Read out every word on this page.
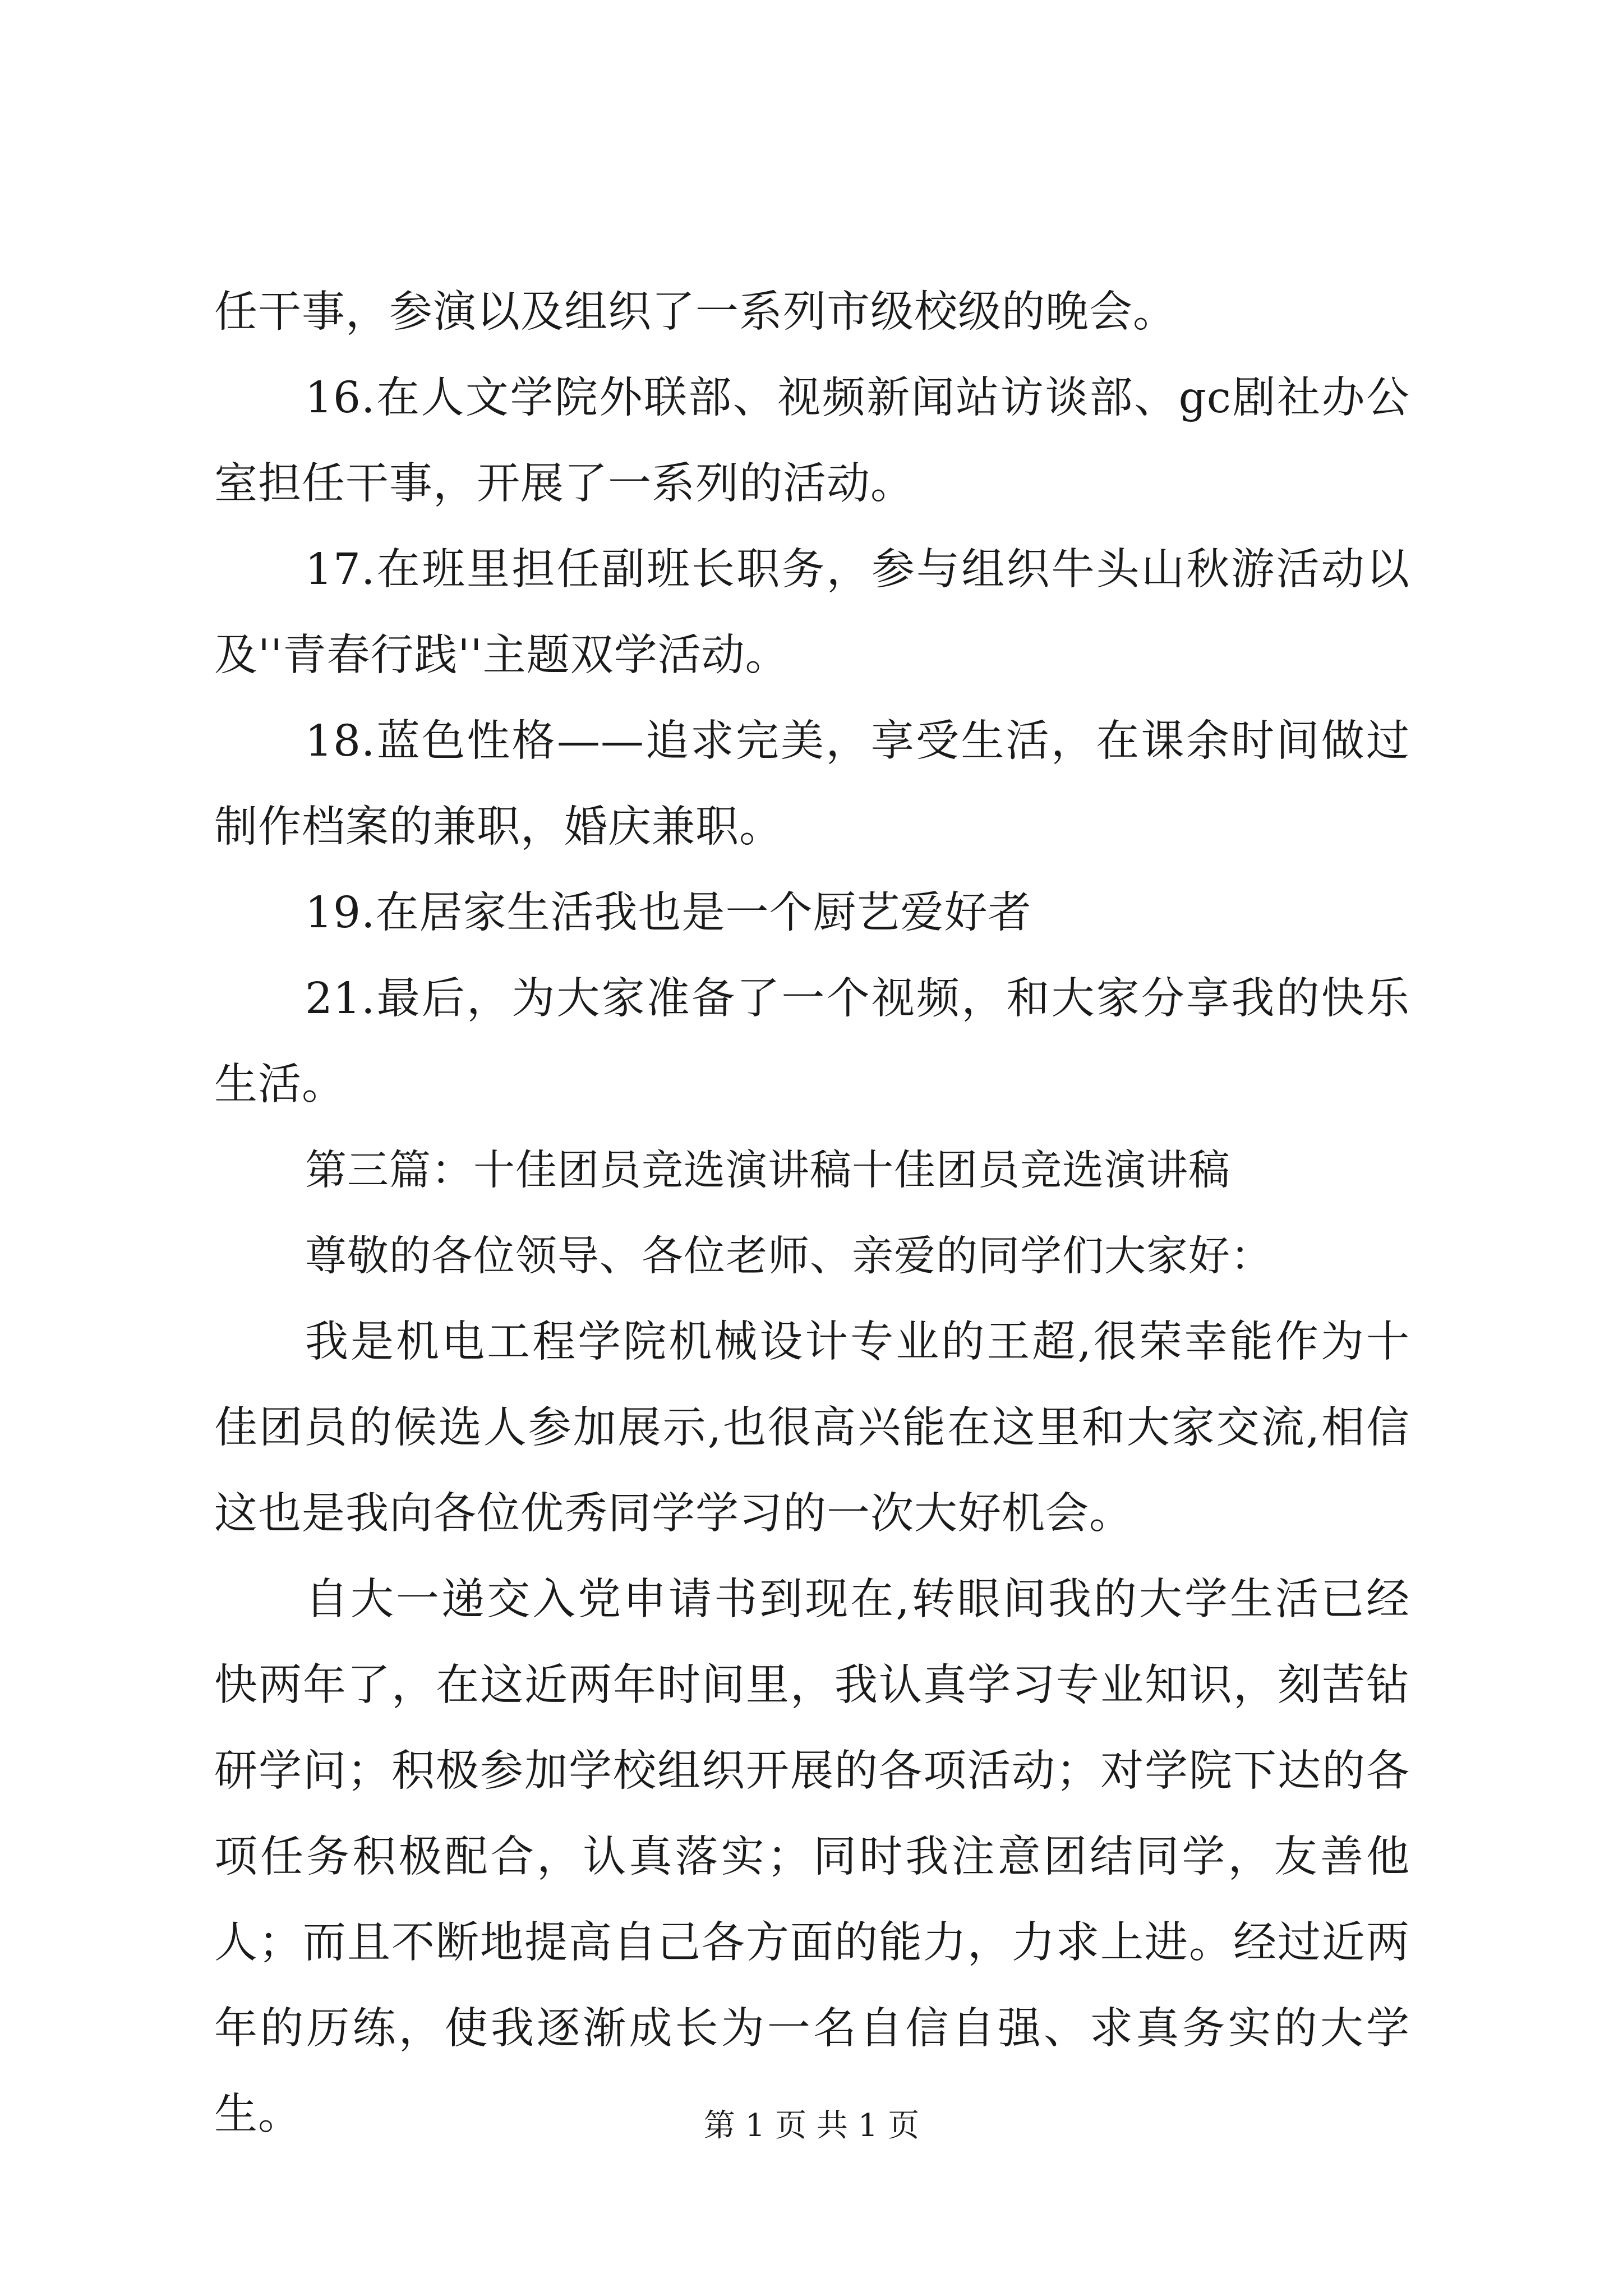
任干事，参演以及组织了一系列市级校级的晚会。

16.在人文学院外联部、视频新闻站访谈部、gc剧社办公室担任干事，开展了一系列的活动。

17.在班里担任副班长职务，参与组织牛头山秋游活动以及''青春行践''主题双学活动。

18.蓝色性格——追求完美，享受生活，在课余时间做过制作档案的兼职，婚庆兼职。

19.在居家生活我也是一个厨艺爱好者

21.最后，为大家准备了一个视频，和大家分享我的快乐生活。

第三篇：十佳团员竞选演讲稿十佳团员竞选演讲稿

尊敬的各位领导、各位老师、亲爱的同学们大家好：

我是机电工程学院机械设计专业的王超,很荣幸能作为十佳团员的候选人参加展示,也很高兴能在这里和大家交流,相信这也是我向各位优秀同学学习的一次大好机会。

自大一递交入党申请书到现在,转眼间我的大学生活已经快两年了，在这近两年时间里，我认真学习专业知识，刻苦钻研学问；积极参加学校组织开展的各项活动；对学院下达的各项任务积极配合，认真落实；同时我注意团结同学，友善他人；而且不断地提高自己各方面的能力，力求上进。经过近两年的历练，使我逐渐成长为一名自信自强、求真务实的大学生。	第 1 页 共 1 页
